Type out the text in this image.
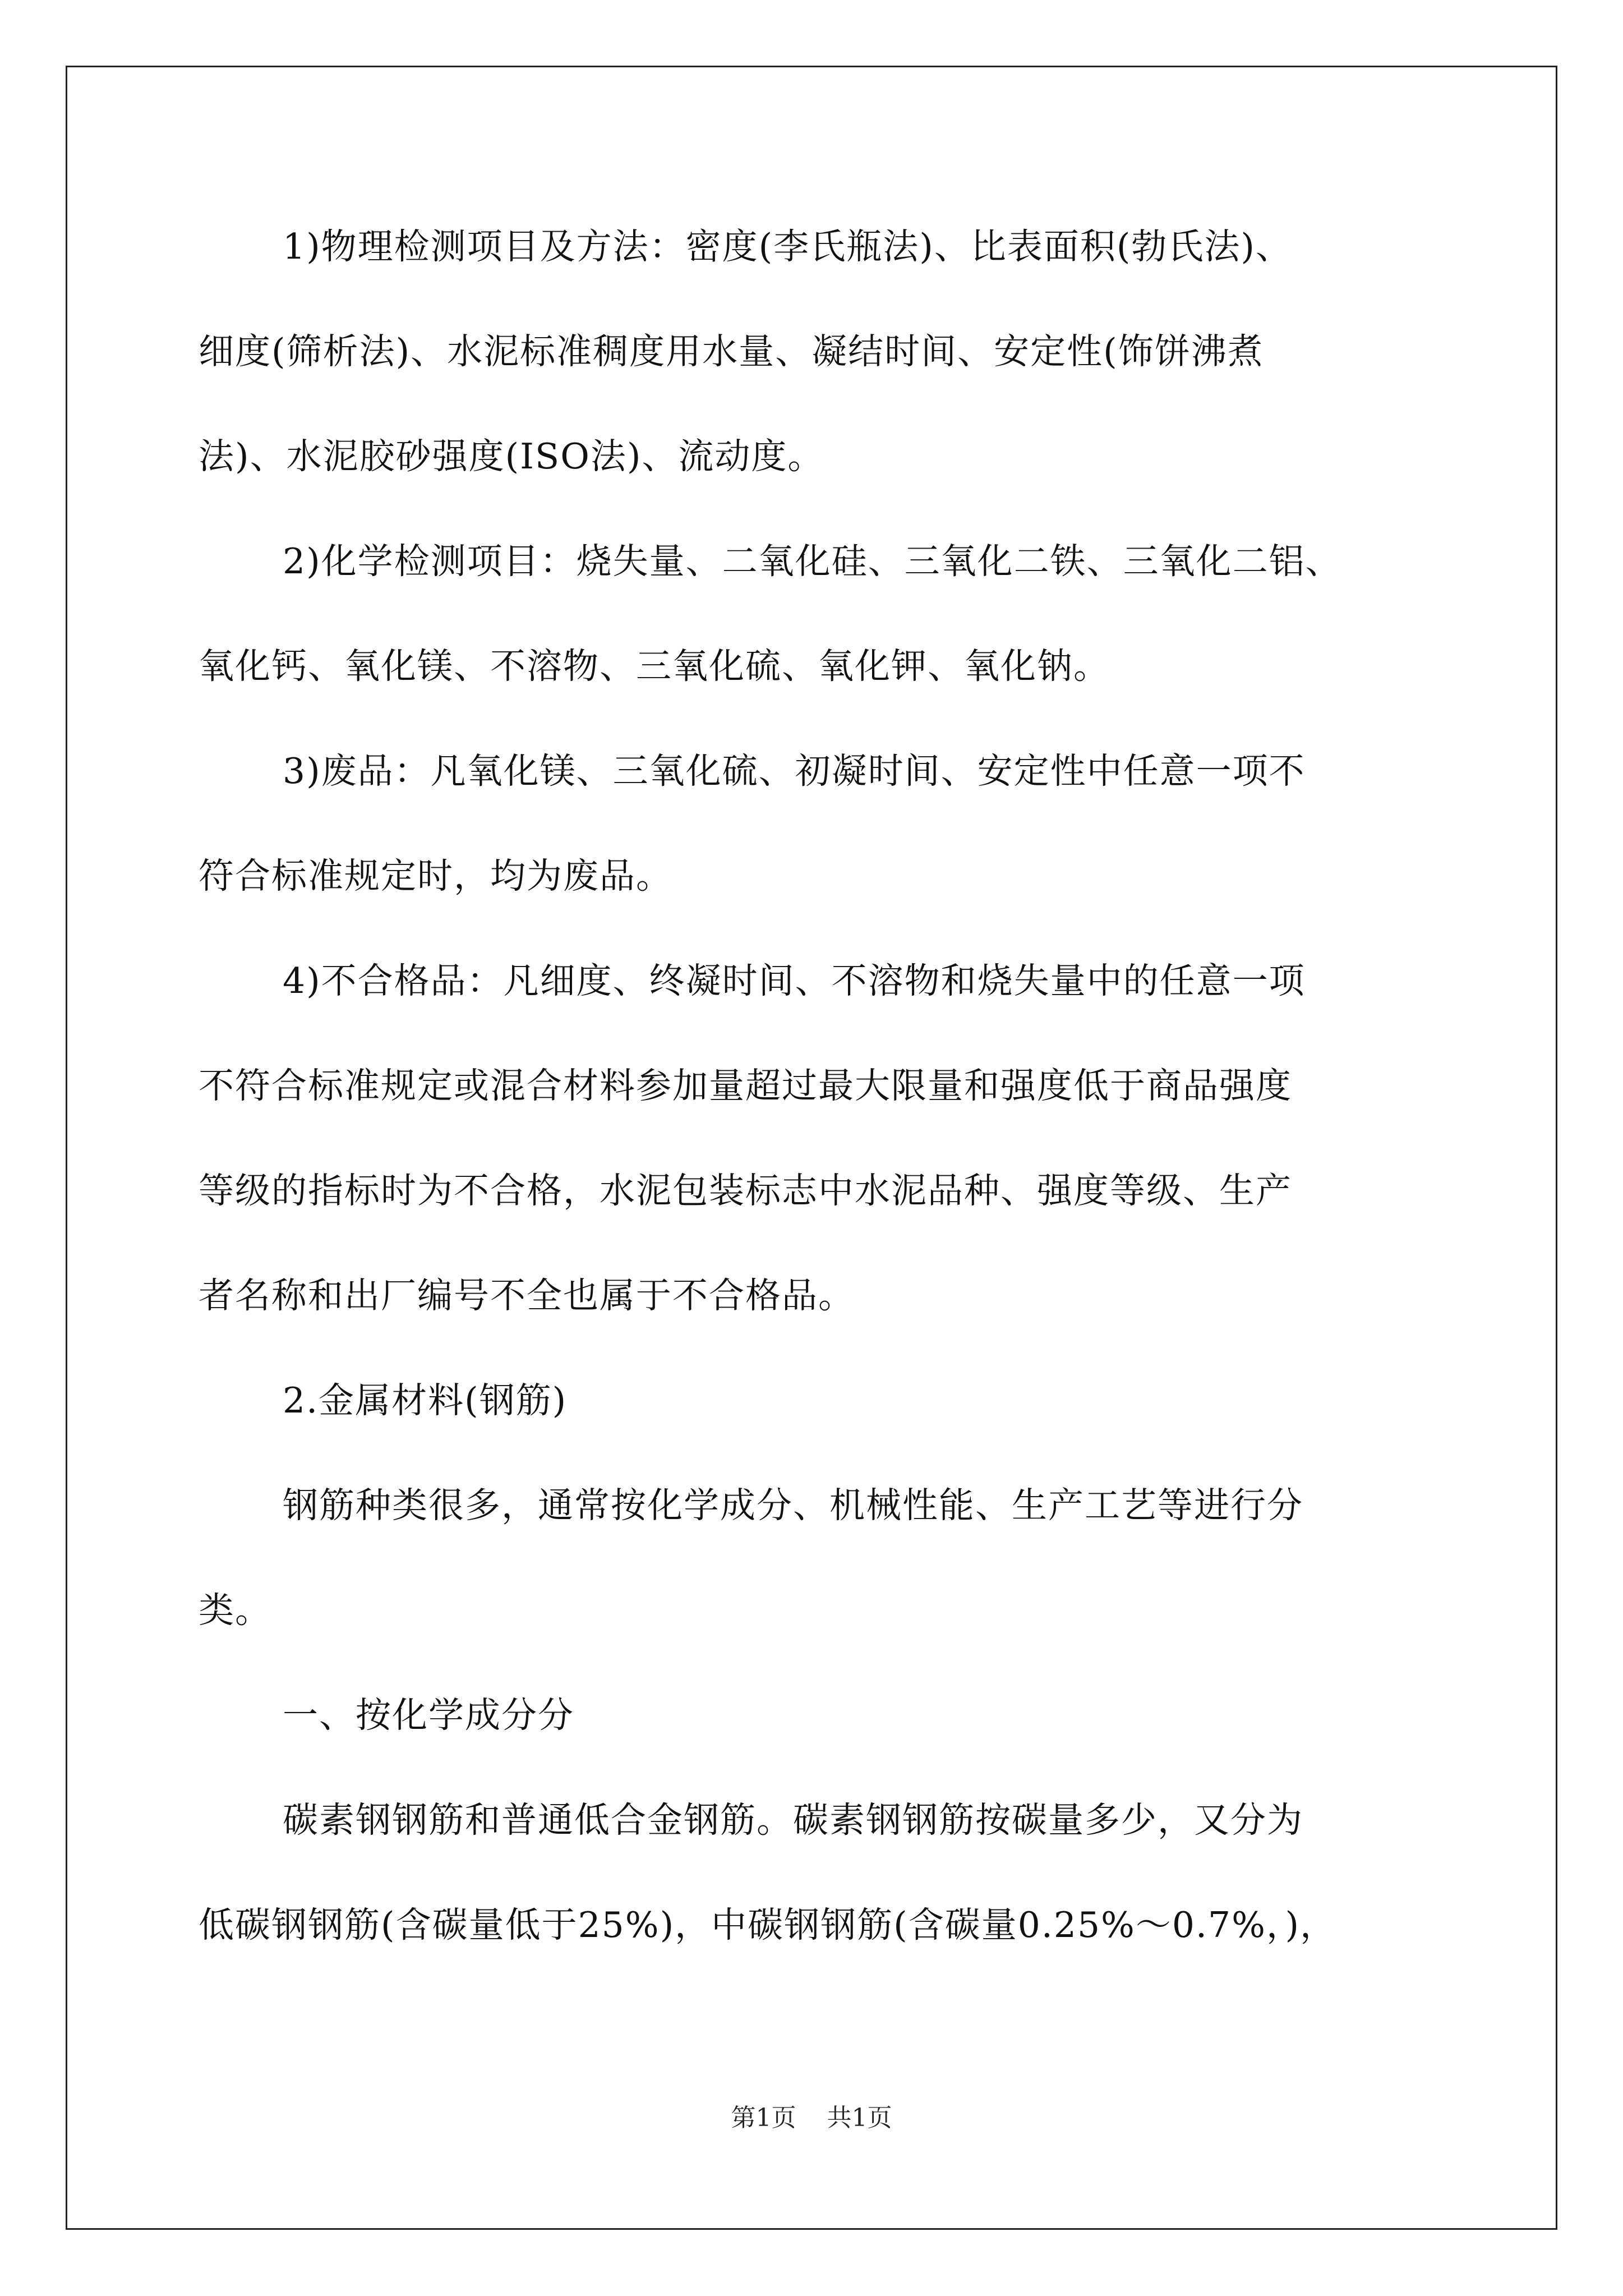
1)物理检测项目及方法：密度(李氏瓶法)、比表面积(勃氏法)、
细度(筛析法)、水泥标准稠度用水量、凝结时间、安定性(饰饼沸煮
法)、水泥胶砂强度(ISO法)、流动度。
2)化学检测项目：烧失量、二氧化硅、三氧化二铁、三氧化二铝、
氧化钙、氧化镁、不溶物、三氧化硫、氧化钾、氧化钠。
3)废品：凡氧化镁、三氧化硫、初凝时间、安定性中任意一项不
符合标准规定时，均为废品。
4)不合格品：凡细度、终凝时间、不溶物和烧失量中的任意一项
不符合标准规定或混合材料参加量超过最大限量和强度低于商品强度
等级的指标时为不合格，水泥包装标志中水泥品种、强度等级、生产
者名称和出厂编号不全也属于不合格品。
2.金属材料(钢筋)
钢筋种类很多，通常按化学成分、机械性能、生产工艺等进行分
类。
一、按化学成分分
碳素钢钢筋和普通低合金钢筋。碳素钢钢筋按碳量多少，又分为
低碳钢钢筋(含碳量低于25%)，中碳钢钢筋(含碳量0.25%～0.7%，)，
第1页 共1页
